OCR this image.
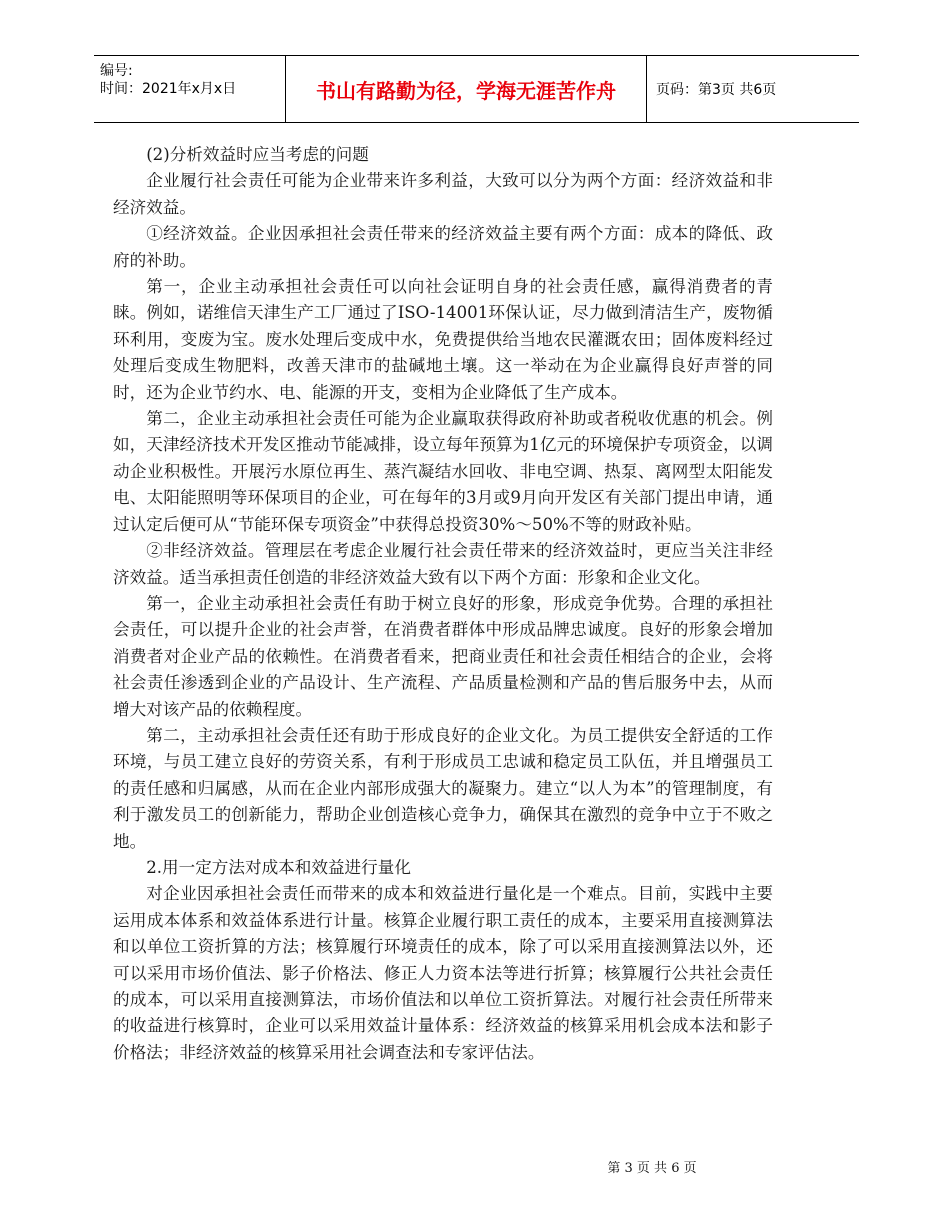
编号:
时间：2021年x月x日	书山有路勤为径，学海无涯苦作舟	页码：第3页 共6页

(2)分析效益时应当考虑的问题

企业履行社会责任可能为企业带来许多利益，大致可以分为两个方面：经济效益和非经济效益。

①经济效益。企业因承担社会责任带来的经济效益主要有两个方面：成本的降低、政府的补助。

第一，企业主动承担社会责任可以向社会证明自身的社会责任感，赢得消费者的青睐。例如，诺维信天津生产工厂通过了ISO-14001环保认证，尽力做到清洁生产，废物循环利用，变废为宝。废水处理后变成中水，免费提供给当地农民灌溉农田；固体废料经过处理后变成生物肥料，改善天津市的盐碱地土壤。这一举动在为企业赢得良好声誉的同时，还为企业节约水、电、能源的开支，变相为企业降低了生产成本。

第二，企业主动承担社会责任可能为企业赢取获得政府补助或者税收优惠的机会。例如，天津经济技术开发区推动节能减排，设立每年预算为1亿元的环境保护专项资金，以调动企业积极性。开展污水原位再生、蒸汽凝结水回收、非电空调、热泵、离网型太阳能发电、太阳能照明等环保项目的企业，可在每年的3月或9月向开发区有关部门提出申请，通过认定后便可从“节能环保专项资金”中获得总投资30%～50%不等的财政补贴。

②非经济效益。管理层在考虑企业履行社会责任带来的经济效益时，更应当关注非经济效益。适当承担责任创造的非经济效益大致有以下两个方面：形象和企业文化。

第一，企业主动承担社会责任有助于树立良好的形象，形成竞争优势。合理的承担社会责任，可以提升企业的社会声誉，在消费者群体中形成品牌忠诚度。良好的形象会增加消费者对企业产品的依赖性。在消费者看来，把商业责任和社会责任相结合的企业，会将社会责任渗透到企业的产品设计、生产流程、产品质量检测和产品的售后服务中去，从而增大对该产品的依赖程度。

第二，主动承担社会责任还有助于形成良好的企业文化。为员工提供安全舒适的工作环境，与员工建立良好的劳资关系，有利于形成员工忠诚和稳定员工队伍，并且增强员工的责任感和归属感，从而在企业内部形成强大的凝聚力。建立“以人为本”的管理制度，有利于激发员工的创新能力，帮助企业创造核心竞争力，确保其在激烈的竞争中立于不败之地。

2.用一定方法对成本和效益进行量化

对企业因承担社会责任而带来的成本和效益进行量化是一个难点。目前，实践中主要运用成本体系和效益体系进行计量。核算企业履行职工责任的成本，主要采用直接测算法和以单位工资折算的方法；核算履行环境责任的成本，除了可以采用直接测算法以外，还可以采用市场价值法、影子价格法、修正人力资本法等进行折算；核算履行公共社会责任的成本，可以采用直接测算法，市场价值法和以单位工资折算法。对履行社会责任所带来的收益进行核算时，企业可以采用效益计量体系：经济效益的核算采用机会成本法和影子价格法；非经济效益的核算采用社会调查法和专家评估法。

第 3 页 共 6 页
